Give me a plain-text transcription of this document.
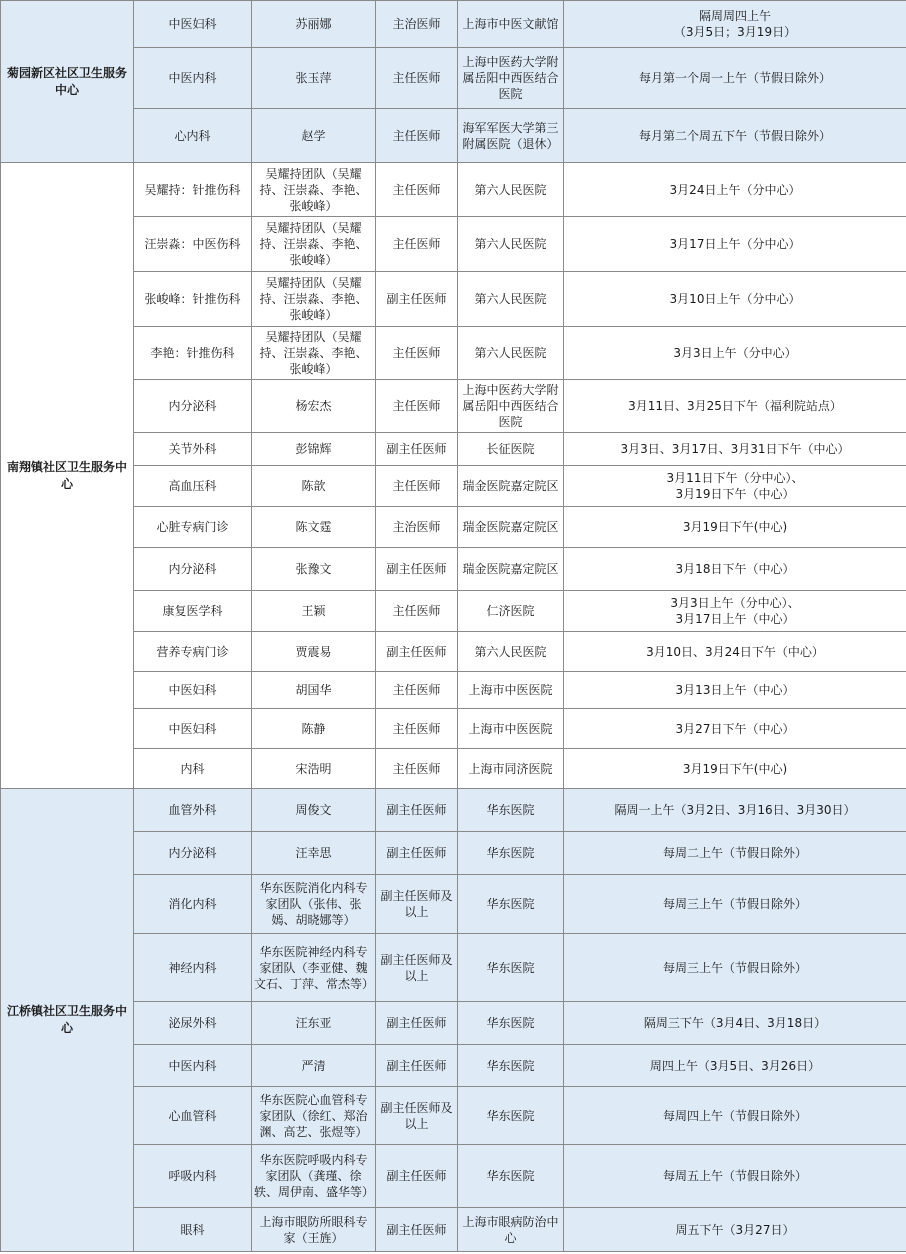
菊园新区社区卫生服务中心	中医妇科	苏丽娜	主治医师	上海市中医文献馆	隔周周四上午
（3月5日；3月19日）
	中医内科	张玉萍	主任医师	上海中医药大学附属岳阳中西医结合医院	每月第一个周一上午（节假日除外）
	心内科	赵学	主任医师	海军军医大学第三附属医院（退休）	每月第二个周五下午（节假日除外）
南翔镇社区卫生服务中心	吴耀持：针推伤科	吴耀持团队（吴耀持、汪崇淼、李艳、张峻峰）	主任医师	第六人民医院	3月24日上午（分中心）
	汪崇淼：中医伤科	吴耀持团队（吴耀持、汪崇淼、李艳、张峻峰）	主任医师	第六人民医院	3月17日上午（分中心）
	张峻峰：针推伤科	吴耀持团队（吴耀持、汪崇淼、李艳、张峻峰）	副主任医师	第六人民医院	3月10日上午（分中心）
	李艳：针推伤科	吴耀持团队（吴耀持、汪崇淼、李艳、张峻峰）	主任医师	第六人民医院	3月3日上午（分中心）
	内分泌科	杨宏杰	主任医师	上海中医药大学附属岳阳中西医结合医院	3月11日、3月25日下午（福利院站点）
	关节外科	彭锦辉	副主任医师	长征医院	3月3日、3月17日、3月31日下午（中心）
	高血压科	陈歆	主任医师	瑞金医院嘉定院区	3月11日下午（分中心）、
3月19日下午（中心）
	心脏专病门诊	陈文霆	主治医师	瑞金医院嘉定院区	3月19日下午(中心)
	内分泌科	张豫文	副主任医师	瑞金医院嘉定院区	3月18日下午（中心）
	康复医学科	王颖	主任医师	仁济医院	3月3日上午（分中心）、
3月17日上午（中心）
	营养专病门诊	贾震易	副主任医师	第六人民医院	3月10日、3月24日下午（中心）
	中医妇科	胡国华	主任医师	上海市中医医院	3月13日上午（中心）
	中医妇科	陈静	主任医师	上海市中医医院	3月27日下午（中心）
	内科	宋浩明	主任医师	上海市同济医院	3月19日下午(中心)
江桥镇社区卫生服务中心	血管外科	周俊文	副主任医师	华东医院	隔周一上午（3月2日、3月16日、3月30日）
	内分泌科	汪幸思	副主任医师	华东医院	每周二上午（节假日除外）
	消化内科	华东医院消化内科专家团队（张伟、张嫣、胡晓娜等）	副主任医师及以上	华东医院	每周三上午（节假日除外）
	神经内科	华东医院神经内科专家团队（李亚健、魏文石、丁萍、常杰等）	副主任医师及以上	华东医院	每周三上午（节假日除外）
	泌尿外科	汪东亚	副主任医师	华东医院	隔周三下午（3月4日、3月18日）
	中医内科	严清	副主任医师	华东医院	周四上午（3月5日、3月26日）
	心血管科	华东医院心血管科专家团队（徐红、郑治渊、高艺、张煜等）	副主任医师及以上	华东医院	每周四上午（节假日除外）
	呼吸内科	华东医院呼吸内科专家团队（龚瑾、徐轶、周伊南、盛华等）	副主任医师	华东医院	每周五上午（节假日除外）
	眼科	上海市眼防所眼科专家（王旌）	副主任医师	上海市眼病防治中心	周五下午（3月27日）
